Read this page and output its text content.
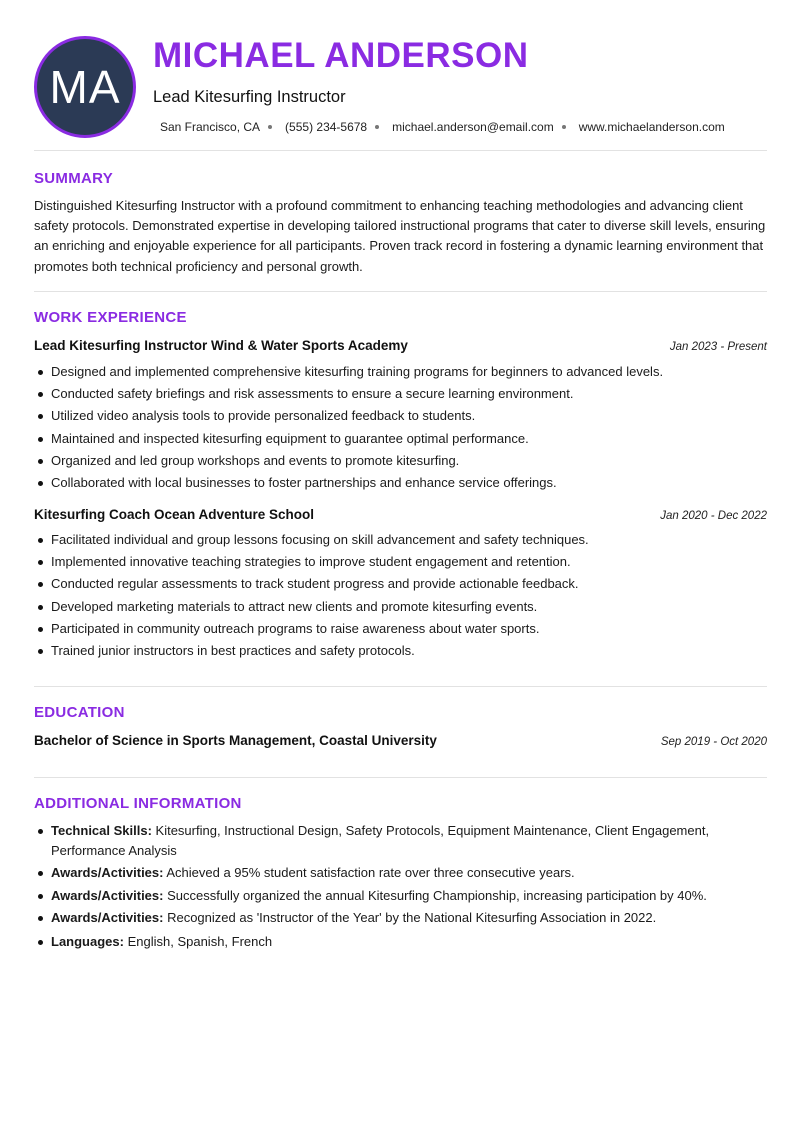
MA
MICHAEL ANDERSON
Lead Kitesurfing Instructor
San Francisco, CA (555) 234-5678 michael.anderson@email.com www.michaelanderson.com
SUMMARY
Distinguished Kitesurfing Instructor with a profound commitment to enhancing teaching methodologies and advancing client safety protocols. Demonstrated expertise in developing tailored instructional programs that cater to diverse skill levels, ensuring an enriching and enjoyable experience for all participants. Proven track record in fostering a dynamic learning environment that promotes both technical proficiency and personal growth.
WORK EXPERIENCE
Lead Kitesurfing Instructor Wind & Water Sports Academy	Jan 2023 - Present
Designed and implemented comprehensive kitesurfing training programs for beginners to advanced levels.
Conducted safety briefings and risk assessments to ensure a secure learning environment.
Utilized video analysis tools to provide personalized feedback to students.
Maintained and inspected kitesurfing equipment to guarantee optimal performance.
Organized and led group workshops and events to promote kitesurfing.
Collaborated with local businesses to foster partnerships and enhance service offerings.
Kitesurfing Coach Ocean Adventure School	Jan 2020 - Dec 2022
Facilitated individual and group lessons focusing on skill advancement and safety techniques.
Implemented innovative teaching strategies to improve student engagement and retention.
Conducted regular assessments to track student progress and provide actionable feedback.
Developed marketing materials to attract new clients and promote kitesurfing events.
Participated in community outreach programs to raise awareness about water sports.
Trained junior instructors in best practices and safety protocols.
EDUCATION
Bachelor of Science in Sports Management, Coastal University	Sep 2019 - Oct 2020
ADDITIONAL INFORMATION
Technical Skills: Kitesurfing, Instructional Design, Safety Protocols, Equipment Maintenance, Client Engagement, Performance Analysis
Awards/Activities: Achieved a 95% student satisfaction rate over three consecutive years.
Awards/Activities: Successfully organized the annual Kitesurfing Championship, increasing participation by 40%.
Awards/Activities: Recognized as 'Instructor of the Year' by the National Kitesurfing Association in 2022.
Languages: English, Spanish, French
